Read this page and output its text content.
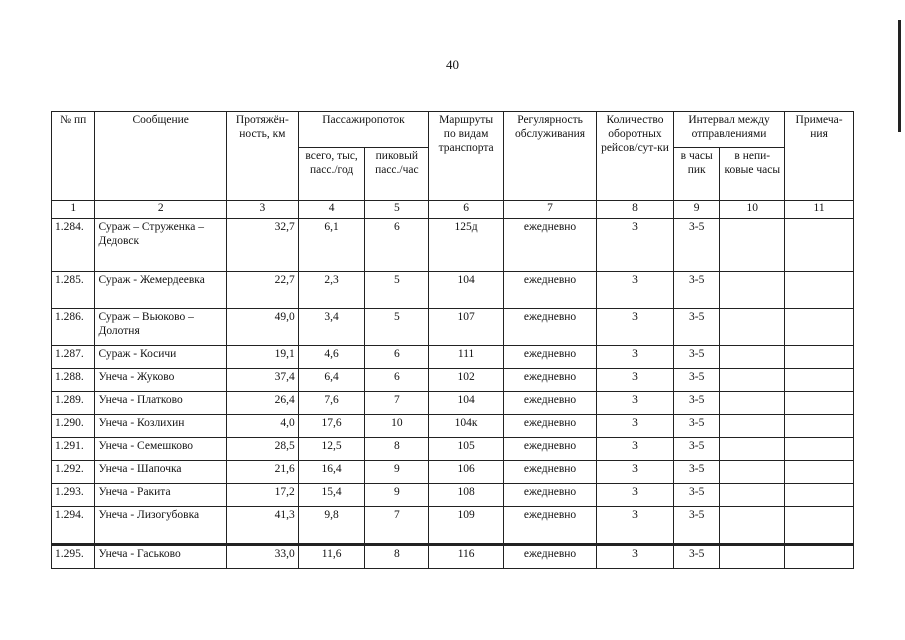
40
№ пп	Сообщение	Протяжён-ность, км	Пассажиропоток		Маршруты по видам транспорта	Регулярность обслуживания	Количество оборотных рейсов/сут-ки	Интервал между отправлениями		Примеча-ния
			всего, тыс, пасс./год	пиковый пасс./час				в часы пик	в непи-ковые часы	
1	2	3	4	5	6	7	8	9	10	11
1.284.	Сураж – Струженка – Дедовск	32,7	6,1	6	125д	ежедневно	3	3-5		
1.285.	Сураж - Жемердеевка	22,7	2,3	5	104	ежедневно	3	3-5		
1.286.	Сураж – Вьюково – Долотня	49,0	3,4	5	107	ежедневно	3	3-5		
1.287.	Сураж - Косичи	19,1	4,6	6	111	ежедневно	3	3-5		
1.288.	Унеча - Жуково	37,4	6,4	6	102	ежедневно	3	3-5		
1.289.	Унеча - Платково	26,4	7,6	7	104	ежедневно	3	3-5		
1.290.	Унеча - Козлихин	4,0	17,6	10	104к	ежедневно	3	3-5		
1.291.	Унеча - Семешково	28,5	12,5	8	105	ежедневно	3	3-5		
1.292.	Унеча - Шапочка	21,6	16,4	9	106	ежедневно	3	3-5		
1.293.	Унеча - Ракита	17,2	15,4	9	108	ежедневно	3	3-5		
1.294.	Унеча - Лизогубовка	41,3	9,8	7	109	ежедневно	3	3-5		
1.295.	Унеча - Гаськово	33,0	11,6	8	116	ежедневно	3	3-5		
